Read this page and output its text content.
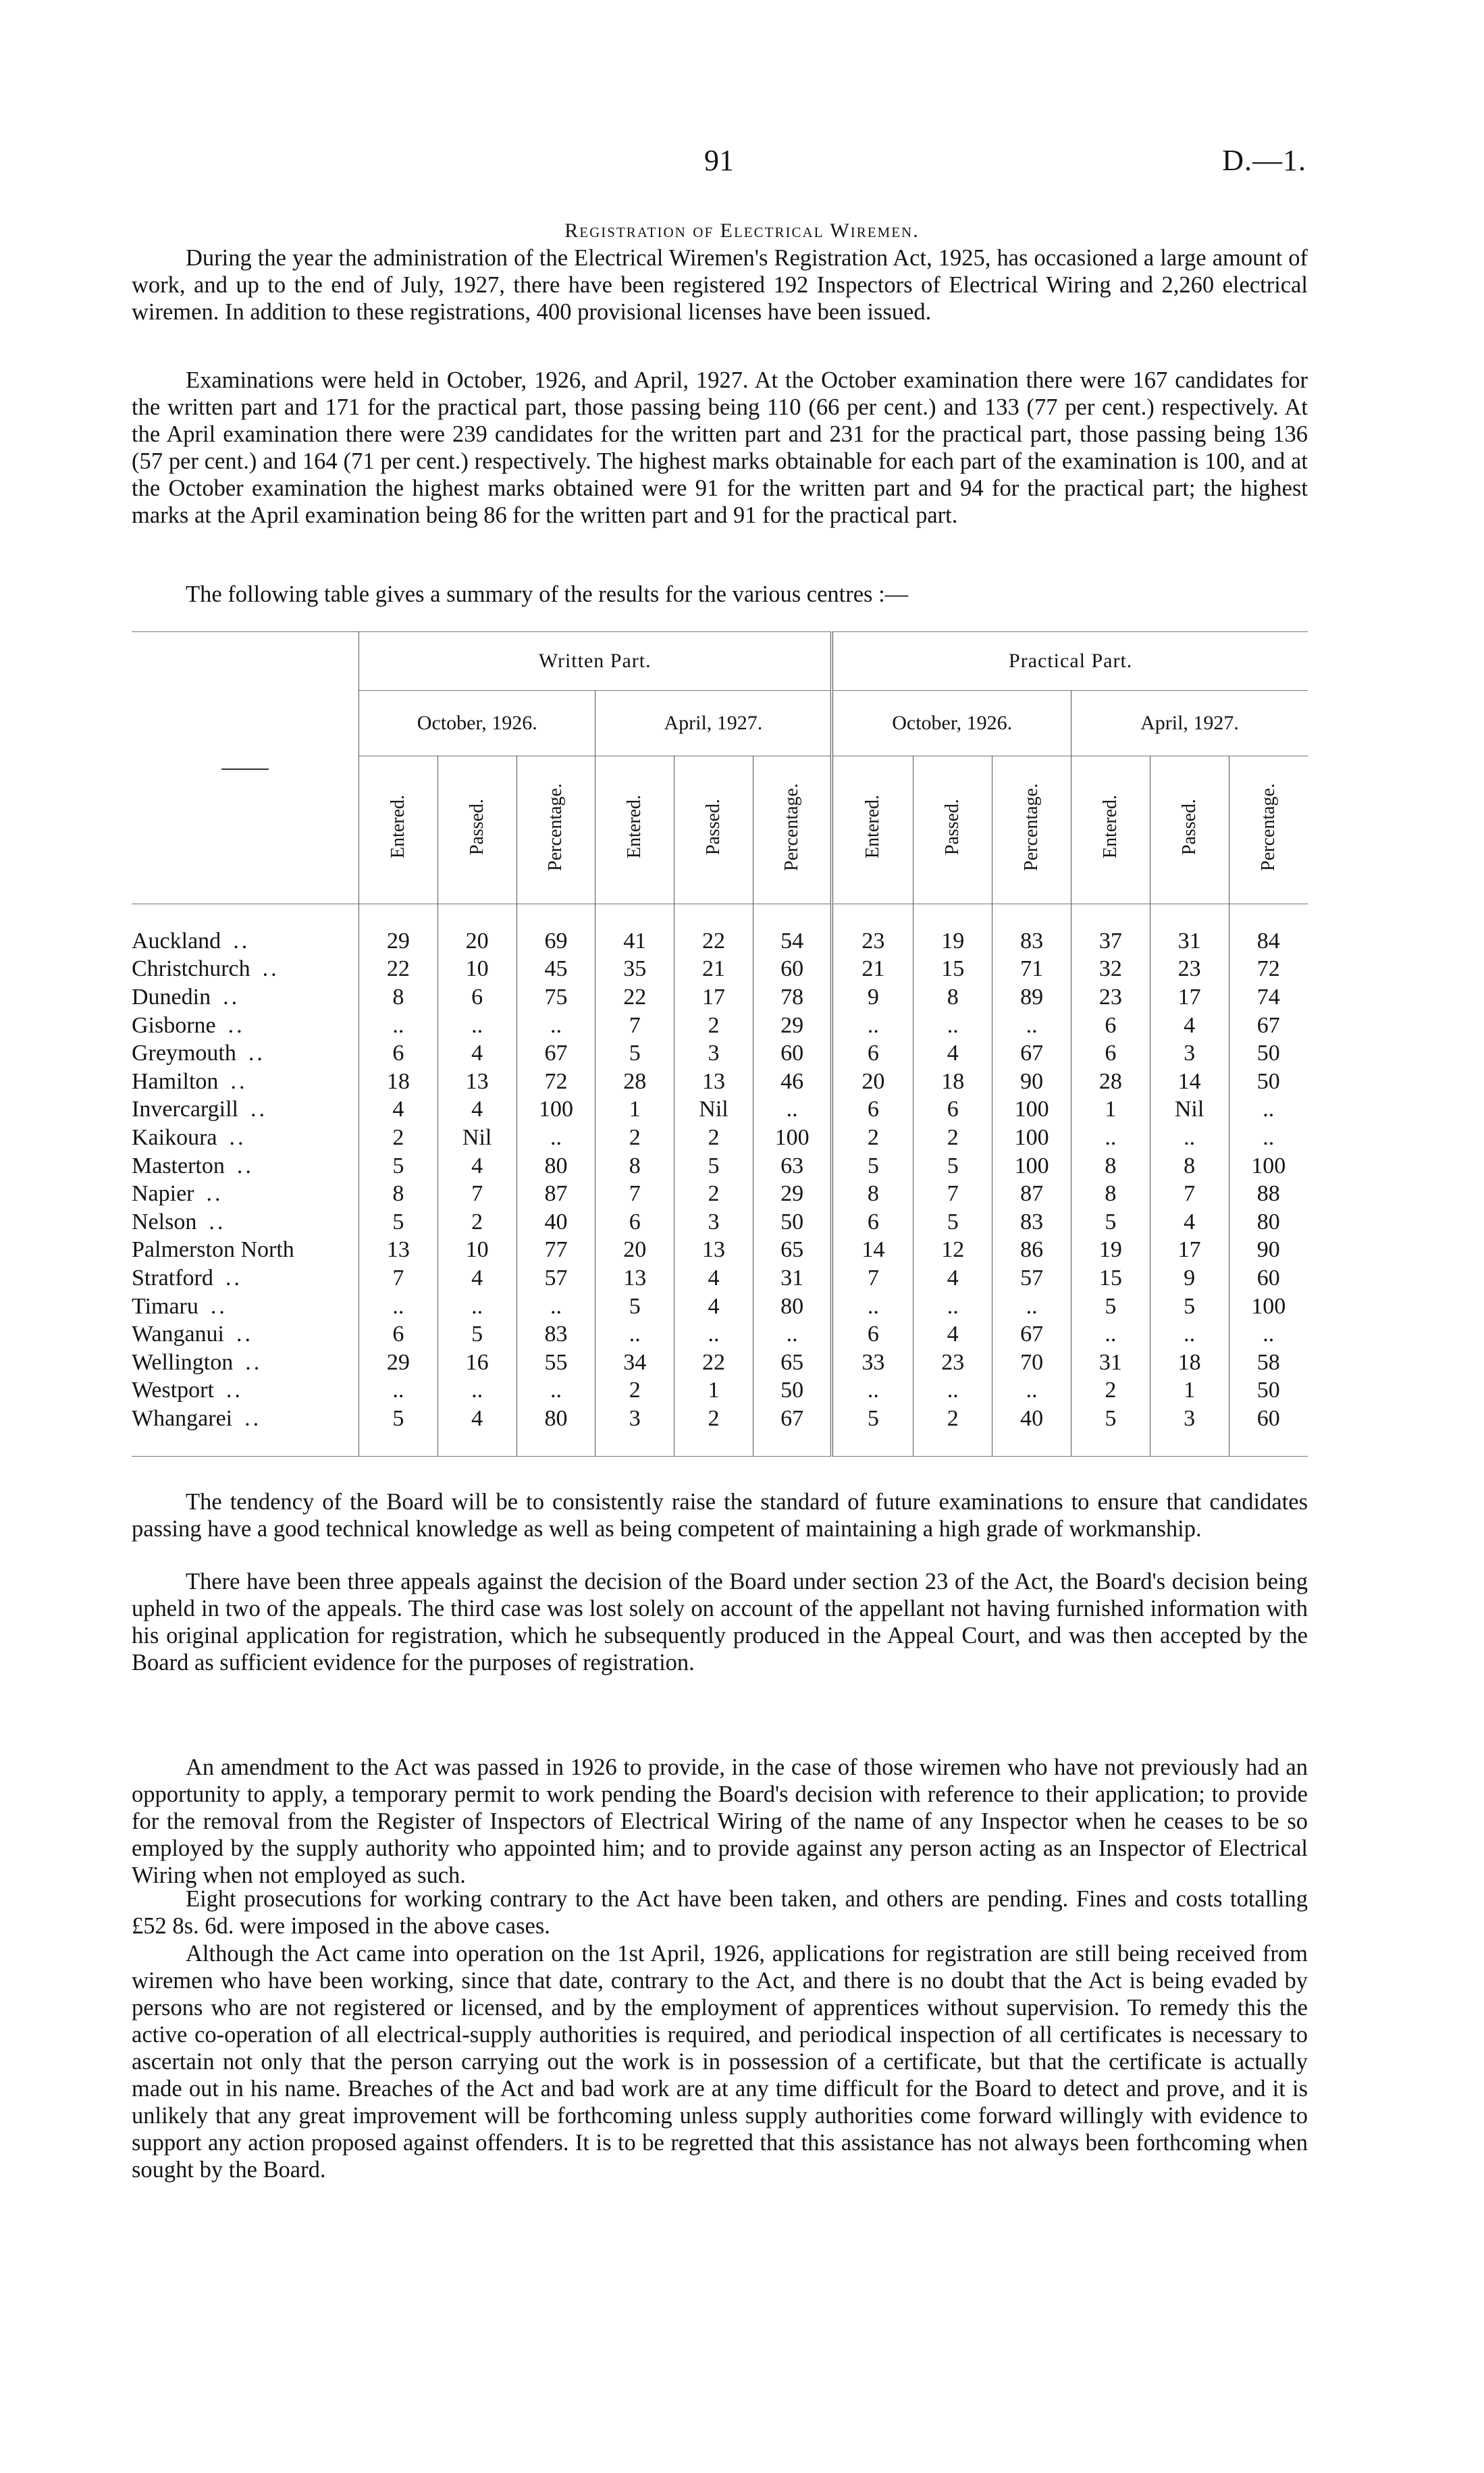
91	D.—1.
Registration of Electrical Wiremen.

During the year the administration of the Electrical Wiremen's Registration Act, 1925, has occasioned a large amount of work, and up to the end of July, 1927, there have been registered 192 Inspectors of Electrical Wiring and 2,260 electrical wiremen. In addition to these registrations, 400 provisional licenses have been issued.

Examinations were held in October, 1926, and April, 1927. At the October examination there were 167 candidates for the written part and 171 for the practical part, those passing being 110 (66 per cent.) and 133 (77 per cent.) respectively. At the April examination there were 239 candidates for the written part and 231 for the practical part, those passing being 136 (57 per cent.) and 164 (71 per cent.) respectively. The highest marks obtainable for each part of the examination is 100, and at the October examination the highest marks obtained were 91 for the written part and 94 for the practical part; the highest marks at the April examination being 86 for the written part and 91 for the practical part.

The following table gives a summary of the results for the various centres :—

	Written Part.						Practical Part.					
	October, 1926.			April, 1927.			October, 1926.			April, 1927.		
	Entered.	Passed.	Percentage.	Entered.	Passed.	Percentage.	Entered.	Passed.	Percentage.	Entered.	Passed.	Percentage.

Auckland ..	29	20	69	41	22	54	23	19	83	37	31	84
Christchurch ..	22	10	45	35	21	60	21	15	71	32	23	72
Dunedin ..	8	6	75	22	17	78	9	8	89	23	17	74
Gisborne ..	..	..	..	7	2	29	..	..	..	6	4	67
Greymouth ..	6	4	67	5	3	60	6	4	67	6	3	50
Hamilton ..	18	13	72	28	13	46	20	18	90	28	14	50
Invercargill ..	4	4	100	1	Nil	..	6	6	100	1	Nil	..
Kaikoura ..	2	Nil	..	2	2	100	2	2	100	..	..	..
Masterton ..	5	4	80	8	5	63	5	5	100	8	8	100
Napier ..	8	7	87	7	2	29	8	7	87	8	7	88
Nelson ..	5	2	40	6	3	50	6	5	83	5	4	80
Palmerston North	13	10	77	20	13	65	14	12	86	19	17	90
Stratford ..	7	4	57	13	4	31	7	4	57	15	9	60
Timaru ..	..	..	..	5	4	80	..	..	..	5	5	100
Wanganui ..	6	5	83	..	..	..	6	4	67	..	..	..
Wellington ..	29	16	55	34	22	65	33	23	70	31	18	58
Westport ..	..	..	..	2	1	50	..	..	..	2	1	50
Whangarei ..	5	4	80	3	2	67	5	2	40	5	3	60

The tendency of the Board will be to consistently raise the standard of future examinations to ensure that candidates passing have a good technical knowledge as well as being competent of maintaining a high grade of workmanship.

There have been three appeals against the decision of the Board under section 23 of the Act, the Board's decision being upheld in two of the appeals. The third case was lost solely on account of the appellant not having furnished information with his original application for registration, which he subsequently produced in the Appeal Court, and was then accepted by the Board as sufficient evidence for the purposes of registration.

An amendment to the Act was passed in 1926 to provide, in the case of those wiremen who have not previously had an opportunity to apply, a temporary permit to work pending the Board's decision with reference to their application; to provide for the removal from the Register of Inspectors of Electrical Wiring of the name of any Inspector when he ceases to be so employed by the supply authority who appointed him; and to provide against any person acting as an Inspector of Electrical Wiring when not employed as such.

Eight prosecutions for working contrary to the Act have been taken, and others are pending. Fines and costs totalling £52 8s. 6d. were imposed in the above cases.

Although the Act came into operation on the 1st April, 1926, applications for registration are still being received from wiremen who have been working, since that date, contrary to the Act, and there is no doubt that the Act is being evaded by persons who are not registered or licensed, and by the employment of apprentices without supervision. To remedy this the active co-operation of all electrical-supply authorities is required, and periodical inspection of all certificates is necessary to ascertain not only that the person carrying out the work is in possession of a certificate, but that the certificate is actually made out in his name. Breaches of the Act and bad work are at any time difficult for the Board to detect and prove, and it is unlikely that any great improvement will be forthcoming unless supply authorities come forward willingly with evidence to support any action proposed against offenders. It is to be regretted that this assistance has not always been forthcoming when sought by the Board.
